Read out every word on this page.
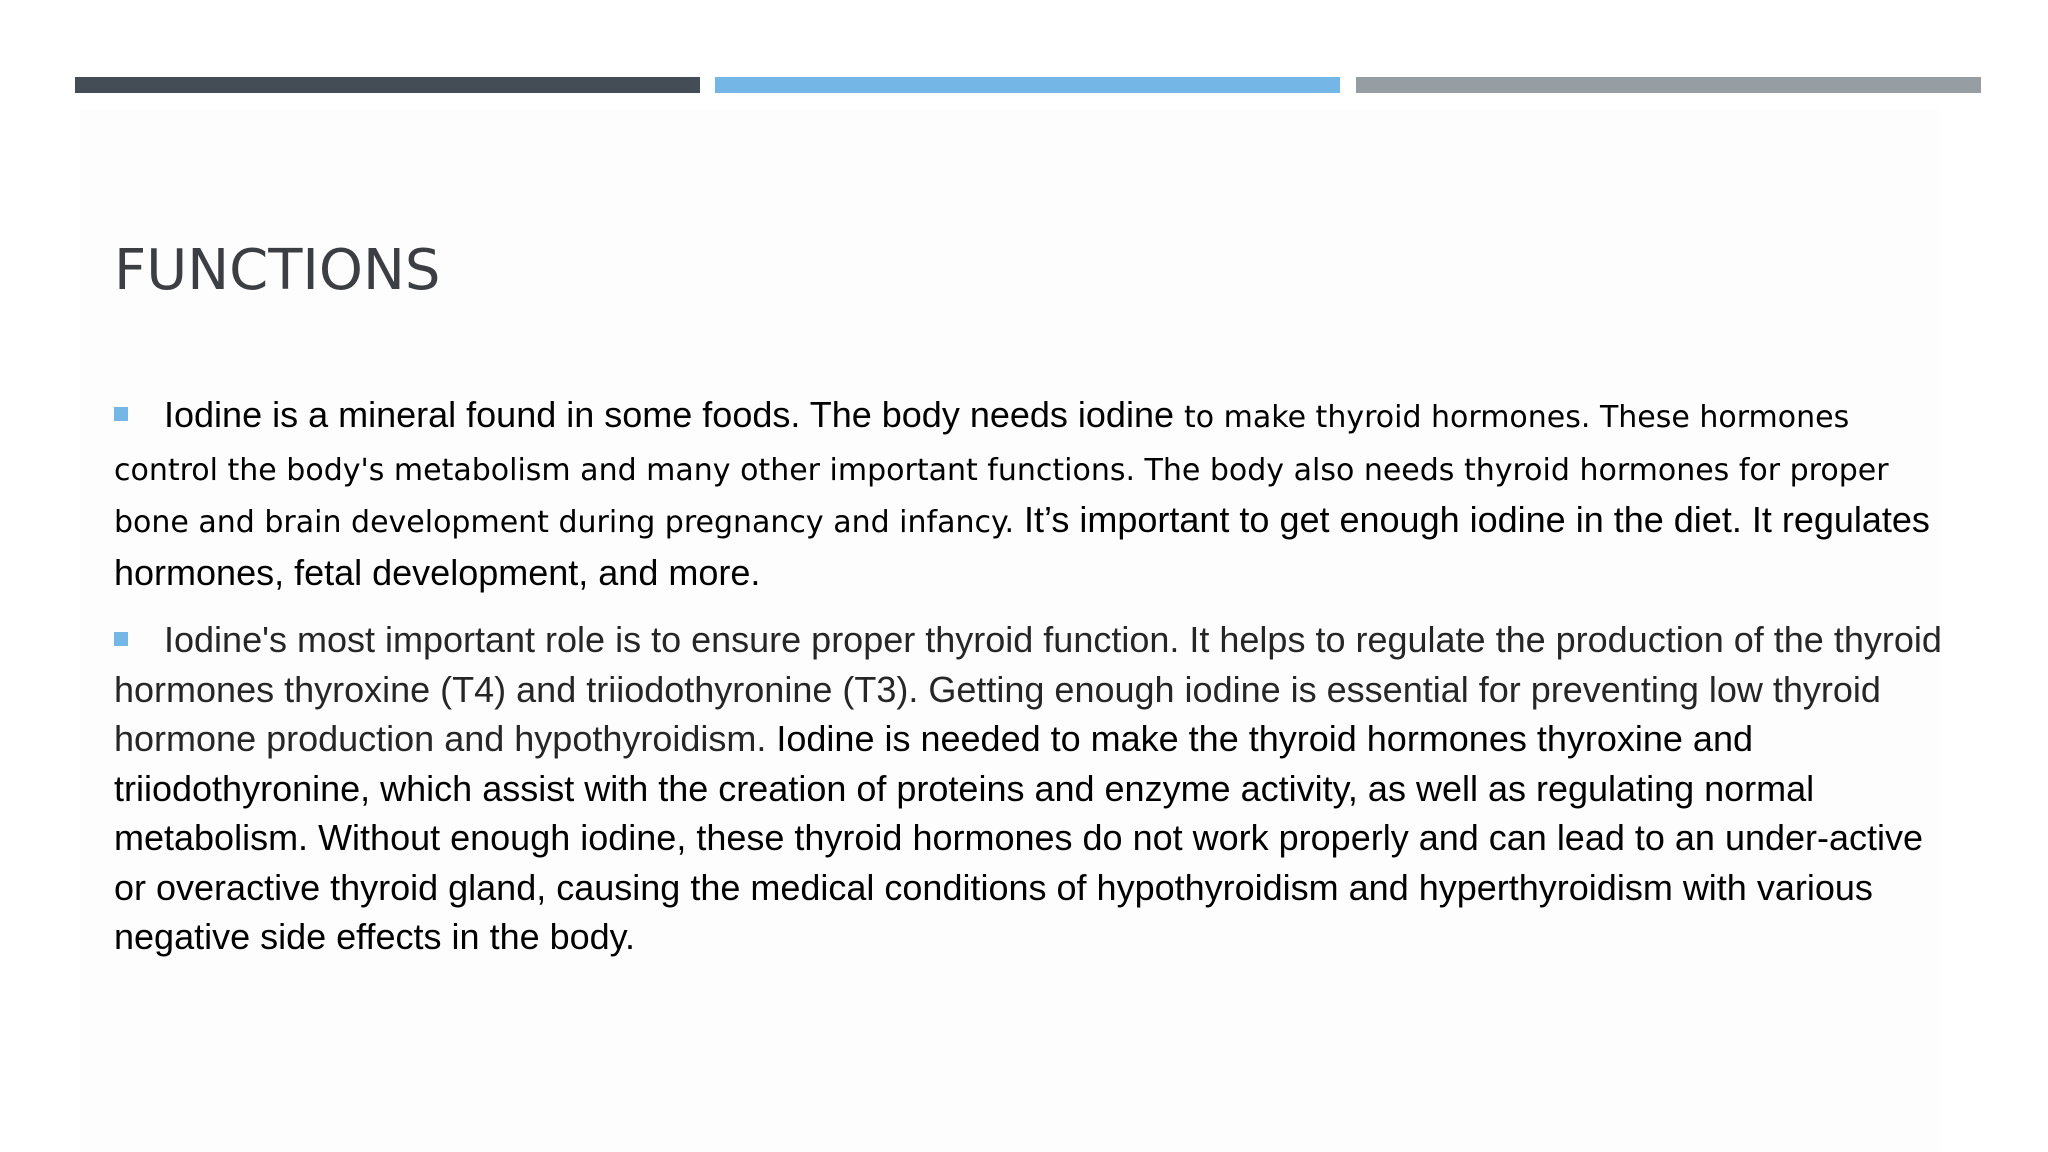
FUNCTIONS

Iodine is a mineral found in some foods. The body needs iodine to make thyroid hormones. These hormones control the body's metabolism and many other important functions. The body also needs thyroid hormones for proper bone and brain development during pregnancy and infancy. It’s important to get enough iodine in the diet. It regulates hormones, fetal development, and more.

Iodine's most important role is to ensure proper thyroid function. It helps to regulate the production of the thyroid hormones thyroxine (T4) and triiodothyronine (T3). Getting enough iodine is essential for preventing low thyroid hormone production and hypothyroidism. Iodine is needed to make the thyroid hormones thyroxine and triiodothyronine, which assist with the creation of proteins and enzyme activity, as well as regulating normal metabolism. Without enough iodine, these thyroid hormones do not work properly and can lead to an under-active or overactive thyroid gland, causing the medical conditions of hypothyroidism and hyperthyroidism with various negative side effects in the body.
